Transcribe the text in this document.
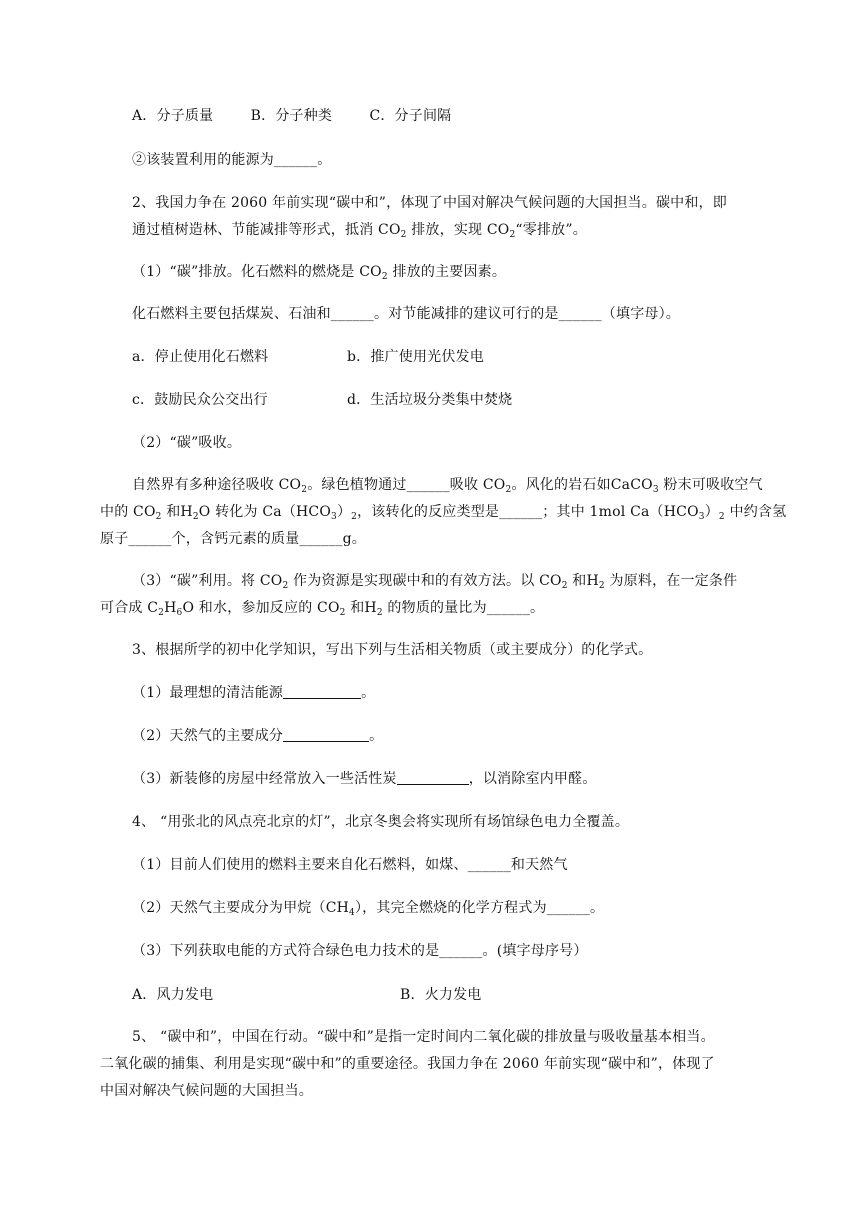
A．分子质量	B．分子种类	C．分子间隔
②该装置利用的能源为______。
2、我国力争在 2060 年前实现“碳中和”，体现了中国对解决气候问题的大国担当。碳中和，即
通过植树造林、节能减排等形式，抵消 $CO_2$ 排放，实现 $CO_2“$零排放”。
（1）“碳”排放。化石燃料的燃烧是 $CO_2$ 排放的主要因素。
化石燃料主要包括煤炭、石油和______。对节能减排的建议可行的是______（填字母）。
a．停止使用化石燃料	b．推广使用光伏发电
c．鼓励民众公交出行	d．生活垃圾分类集中焚烧
（2）“碳”吸收。
自然界有多种途径吸收 $CO_2$。绿色植物通过______吸收 $CO_2$。风化的岩石如CaCO$_3$ 粉末可吸收空气
中的 $CO_2$ 和$H_2O$ 转化为 $Ca(HCO_3)_2$，该转化的反应类型是______；其中 1mol $Ca(HCO_3)_2$ 中约含氢
原子______个，含钙元素的质量______g。
（3）“碳”利用。将 $CO_2$ 作为资源是实现碳中和的有效方法。以 $CO_2$ 和$H_2$ 为原料，在一定条件
可合成 $C_2H_6O$ 和水，参加反应的 $CO_2$ 和$H_2$ 的物质的量比为______。
3、根据所学的初中化学知识，写出下列与生活相关物质（或主要成分）的化学式。
（1）最理想的清洁能源	。
（2）天然气的主要成分	。
（3）新装修的房屋中经常放入一些活性炭	，以消除室内甲醛。
4、 “用张北的风点亮北京的灯”，北京冬奥会将实现所有场馆绿色电力全覆盖。
（1）目前人们使用的燃料主要来自化石燃料，如煤、______和天然气
（2）天然气主要成分为甲烷$(CH_4)$，其完全燃烧的化学方程式为______。
（3）下列获取电能的方式符合绿色电力技术的是______。(填字母序号）
A．风力发电	B．火力发电
5、 “碳中和”，中国在行动。“碳中和”是指一定时间内二氧化碳的排放量与吸收量基本相当。
二氧化碳的捕集、利用是实现“碳中和”的重要途径。我国力争在 2060 年前实现“碳中和”，体现了
中国对解决气候问题的大国担当。
